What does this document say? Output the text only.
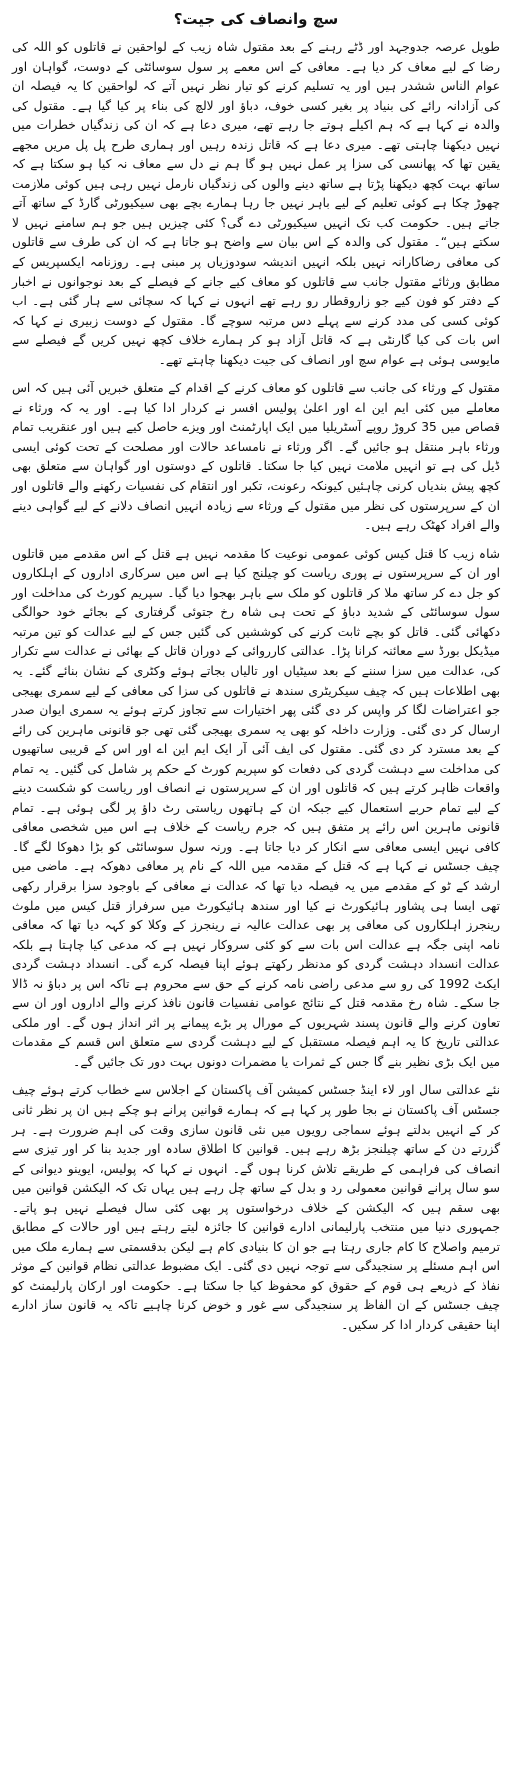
سچ وانصاف کی جیت؟

طویل عرصہ جدوجہد اور ڈٹے رہنے کے بعد مقتول شاہ زیب کے لواحقین نے قاتلوں کو اللہ کی رضا کے لیے معاف کر دیا ہے۔ معافی کے اس معمے پر سول سوسائٹی کے دوست، گواہان اور عوام الناس ششدر ہیں اور یہ تسلیم کرنے کو تیار نظر نہیں آتے کہ لواحقین کا یہ فیصلہ ان کی آزادانہ رائے کی بنیاد پر بغیر کسی خوف، دباؤ اور لالچ کی بناء پر کیا گیا ہے۔ مقتول کی والدہ نے کہا ہے کہ ہم اکیلے ہوتے جا رہے تھے، میری دعا ہے کہ ان کی زندگیاں خطرات میں نہیں دیکھنا چاہتی تھے۔ میری دعا ہے کہ قاتل زندہ رہیں اور ہماری طرح پل پل مریں مجھے یقین تھا کہ پھانسی کی سزا پر عمل نہیں ہو گا ہم نے دل سے معاف نہ کیا ہو سکتا ہے کہ ساتھ بہت کچھ دیکھنا پڑتا ہے ساتھ دینے والوں کی زندگیاں نارمل نہیں رہی ہیں کوئی ملازمت چھوڑ چکا ہے کوئی تعلیم کے لیے باہر نہیں جا رہا ہمارے بچے بھی سیکیورٹی گارڈ کے ساتھ آتے جاتے ہیں۔ حکومت کب تک انہیں سیکیورٹی دے گی؟ کئی چیزیں ہیں جو ہم سامنے نہیں لا سکتے ہیں“۔ مقتول کی والدہ کے اس بیان سے واضح ہو جاتا ہے کہ ان کی طرف سے قاتلوں کی معافی رضاکارانہ نہیں بلکہ انہیں اندیشہ سودوزیاں پر مبنی ہے۔ روزنامہ ایکسپریس کے مطابق ورثائے مقتول جانب سے قاتلوں کو معاف کیے جانے کے فیصلے کے بعد نوجوانوں نے اخبار کے دفتر کو فون کیے جو زاروقطار رو رہے تھے انہوں نے کہا کہ سچائی سے ہار گئی ہے۔ اب کوئی کسی کی مدد کرنے سے پہلے دس مرتبہ سوچے گا۔ مقتول کے دوست زبیری نے کہا کہ اس بات کی کیا گارنٹی ہے کہ قاتل آزاد ہو کر ہمارے خلاف کچھ نہیں کریں گے فیصلے سے مایوسی ہوئی ہے عوام سچ اور انصاف کی جیت دیکھنا چاہتے تھے۔

مقتول کے ورثاء کی جانب سے قاتلوں کو معاف کرنے کے اقدام کے متعلق خبریں آئی ہیں کہ اس معاملے میں کئی ایم این اے اور اعلیٰ پولیس افسر نے کردار ادا کیا ہے۔ اور یہ کہ ورثاء نے قصاص میں 35 کروڑ روپے آسٹریلیا میں ایک اپارٹمنٹ اور ویزے حاصل کیے ہیں اور عنقریب تمام ورثاء باہر منتقل ہو جائیں گے۔ اگر ورثاء نے نامساعد حالات اور مصلحت کے تحت کوئی ایسی ڈیل کی ہے تو انہیں ملامت نہیں کیا جا سکتا۔ قاتلوں کے دوستوں اور گواہان سے متعلق بھی کچھ پیش بندیاں کرنی چاہئیں کیونکہ رعونت، تکبر اور انتقام کی نفسیات رکھنے والے قاتلوں اور ان کے سرپرستوں کی نظر میں مقتول کے ورثاء سے زیادہ انہیں انصاف دلانے کے لیے گواہی دینے والے افراد کھٹک رہے ہیں۔

شاہ زیب کا قتل کیس کوئی عمومی نوعیت کا مقدمہ نہیں ہے قتل کے اس مقدمے میں قاتلوں اور ان کے سرپرستوں نے پوری ریاست کو چیلنج کیا ہے اس میں سرکاری اداروں کے اہلکاروں کو جل دے کر ساتھ ملا کر قاتلوں کو ملک سے باہر بھجوا دیا گیا۔ سپریم کورٹ کی مداخلت اور سول سوسائٹی کے شدید دباؤ کے تحت ہی شاہ رخ جتوئی گرفتاری کے بجائے خود حوالگی دکھائی گئی۔ قاتل کو بچے ثابت کرنے کی کوششیں کی گئیں جس کے لیے عدالت کو تین مرتبہ میڈیکل بورڈ سے معائنہ کرانا پڑا۔ عدالتی کارروائی کے دوران قاتل کے بھائی نے عدالت سے تکرار کی، عدالت میں سزا سننے کے بعد سیٹیاں اور تالیاں بجاتے ہوئے وکٹری کے نشان بنائے گئے۔ یہ بھی اطلاعات ہیں کہ چیف سیکریٹری سندھ نے قاتلوں کی سزا کی معافی کے لیے سمری بھیجی جو اعتراضات لگا کر واپس کر دی گئی پھر اختیارات سے تجاوز کرتے ہوئے یہ سمری ایوان صدر ارسال کر دی گئی۔ وزارت داخلہ کو بھی یہ سمری بھیجی گئی تھی جو قانونی ماہرین کی رائے کے بعد مسترد کر دی گئی۔ مقتول کی ایف آئی آر ایک ایم این اے اور اس کے قریبی ساتھیوں کی مداخلت سے دہشت گردی کی دفعات کو سپریم کورٹ کے حکم پر شامل کی گئیں۔ یہ تمام واقعات ظاہر کرتے ہیں کہ قاتلوں اور ان کے سرپرستوں نے انصاف اور ریاست کو شکست دینے کے لیے تمام حربے استعمال کیے جبکہ ان کے ہاتھوں ریاستی رٹ داؤ پر لگی ہوئی ہے۔ تمام قانونی ماہرین اس رائے پر متفق ہیں کہ جرم ریاست کے خلاف ہے اس میں شخصی معافی کافی نہیں ایسی معافی سے انکار کر دیا جاتا ہے۔ ورنہ سول سوسائٹی کو بڑا دھوکا لگے گا۔ چیف جسٹس نے کہا ہے کہ قتل کے مقدمہ میں اللہ کے نام پر معافی دھوکہ ہے۔ ماضی میں ارشد کے ٹو کے مقدمے میں یہ فیصلہ دیا تھا کہ عدالت نے معافی کے باوجود سزا برقرار رکھی تھی ایسا ہی پشاور ہائیکورٹ نے کیا اور سندھ ہائیکورٹ میں سرفراز قتل کیس میں ملوث رینجرز اہلکاروں کی معافی پر بھی عدالت عالیہ نے رینجرز کے وکلا کو کہہ دیا تھا کہ معافی نامہ اپنی جگہ ہے عدالت اس بات سے کو کئی سروکار نہیں ہے کہ مدعی کیا چاہتا ہے بلکہ عدالت انسداد دہشت گردی کو مدنظر رکھتے ہوئے اپنا فیصلہ کرے گی۔ انسداد دہشت گردی ایکٹ 1992 کی رو سے مدعی راضی نامہ کرنے کے حق سے محروم ہے تاکہ اس پر دباؤ نہ ڈالا جا سکے۔ شاہ رخ مقدمہ قتل کے نتائج عوامی نفسیات قانون نافذ کرنے والے اداروں اور ان سے تعاون کرنے والے قانون پسند شہریوں کے مورال پر بڑے پیمانے پر اثر انداز ہوں گے۔ اور ملکی عدالتی تاریخ کا یہ اہم فیصلہ مستقبل کے لیے دہشت گردی سے متعلق اس قسم کے مقدمات میں ایک بڑی نظیر بنے گا جس کے ثمرات یا مضمرات دونوں بہت دور تک جائیں گے۔

نئے عدالتی سال اور لاء اینڈ جسٹس کمیشن آف پاکستان کے اجلاس سے خطاب کرتے ہوئے چیف جسٹس آف پاکستان نے بجا طور پر کہا ہے کہ ہمارے قوانین پرانے ہو چکے ہیں ان پر نظر ثانی کر کے انہیں بدلتے ہوئے سماجی رویوں میں نئی قانون سازی وقت کی اہم ضرورت ہے۔ ہر گزرتے دن کے ساتھ چیلنجز بڑھ رہے ہیں۔ قوانین کا اطلاق سادہ اور جدید بنا کر اور تیزی سے انصاف کی فراہمی کے طریقے تلاش کرنا ہوں گے۔ انہوں نے کہا کہ پولیس، ایوینو دیوانی کے سو سال پرانے قوانین معمولی رد و بدل کے ساتھ چل رہے ہیں یہاں تک کہ الیکشن قوانین میں بھی سقم ہیں کہ الیکشن کے خلاف درخواستوں پر بھی کئی سال فیصلے نہیں ہو پاتے۔ جمہوری دنیا میں منتخب پارلیمانی ادارے قوانین کا جائزہ لیتے رہتے ہیں اور حالات کے مطابق ترمیم واصلاح کا کام جاری رہتا ہے جو ان کا بنیادی کام ہے لیکن بدقسمتی سے ہمارے ملک میں اس اہم مسئلے پر سنجیدگی سے توجہ نہیں دی گئی۔ ایک مضبوط عدالتی نظام قوانین کے موثر نفاذ کے ذریعے ہی قوم کے حقوق کو محفوظ کیا جا سکتا ہے۔ حکومت اور ارکان پارلیمنٹ کو چیف جسٹس کے ان الفاظ پر سنجیدگی سے غور و خوض کرنا چاہیے تاکہ یہ قانون ساز ادارے اپنا حقیقی کردار ادا کر سکیں۔
